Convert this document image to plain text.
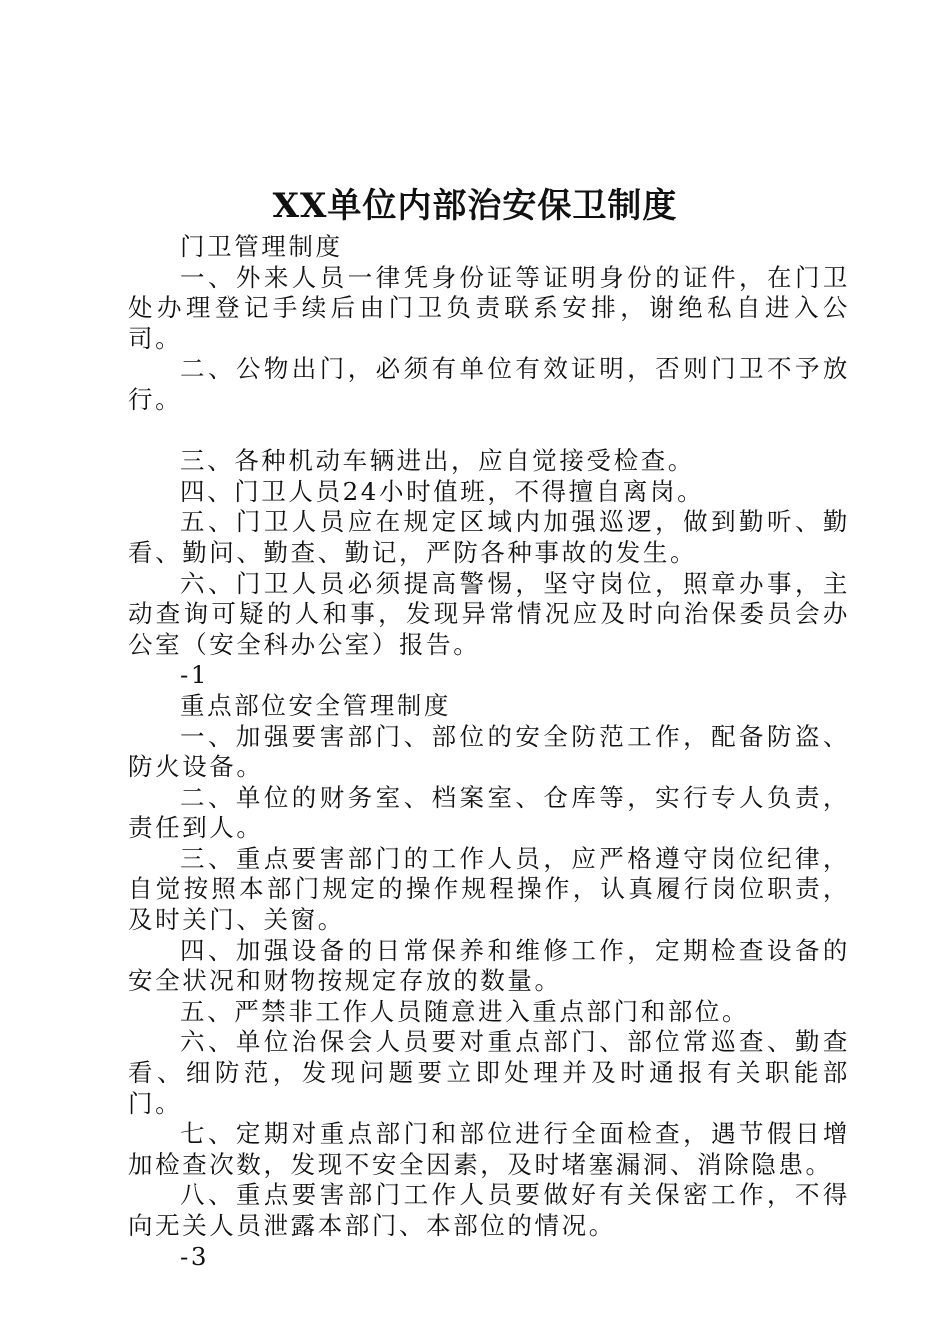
XX单位内部治安保卫制度

门卫管理制度

一、外来人员一律凭身份证等证明身份的证件，在门卫处办理登记手续后由门卫负责联系安排，谢绝私自进入公司。

二、公物出门，必须有单位有效证明，否则门卫不予放行。

三、各种机动车辆进出，应自觉接受检查。

四、门卫人员24小时值班，不得擅自离岗。

五、门卫人员应在规定区域内加强巡逻，做到勤听、勤看、勤问、勤查、勤记，严防各种事故的发生。

六、门卫人员必须提高警惕，坚守岗位，照章办事，主动查询可疑的人和事，发现异常情况应及时向治保委员会办公室（安全科办公室）报告。

-1

重点部位安全管理制度

一、加强要害部门、部位的安全防范工作，配备防盗、防火设备。

二、单位的财务室、档案室、仓库等，实行专人负责，责任到人。

三、重点要害部门的工作人员，应严格遵守岗位纪律，自觉按照本部门规定的操作规程操作，认真履行岗位职责，及时关门、关窗。

四、加强设备的日常保养和维修工作，定期检查设备的安全状况和财物按规定存放的数量。

五、严禁非工作人员随意进入重点部门和部位。

六、单位治保会人员要对重点部门、部位常巡查、勤查看、细防范，发现问题要立即处理并及时通报有关职能部门。

七、定期对重点部门和部位进行全面检查，遇节假日增加检查次数，发现不安全因素，及时堵塞漏洞、消除隐患。

八、重点要害部门工作人员要做好有关保密工作，不得向无关人员泄露本部门、本部位的情况。

-3
